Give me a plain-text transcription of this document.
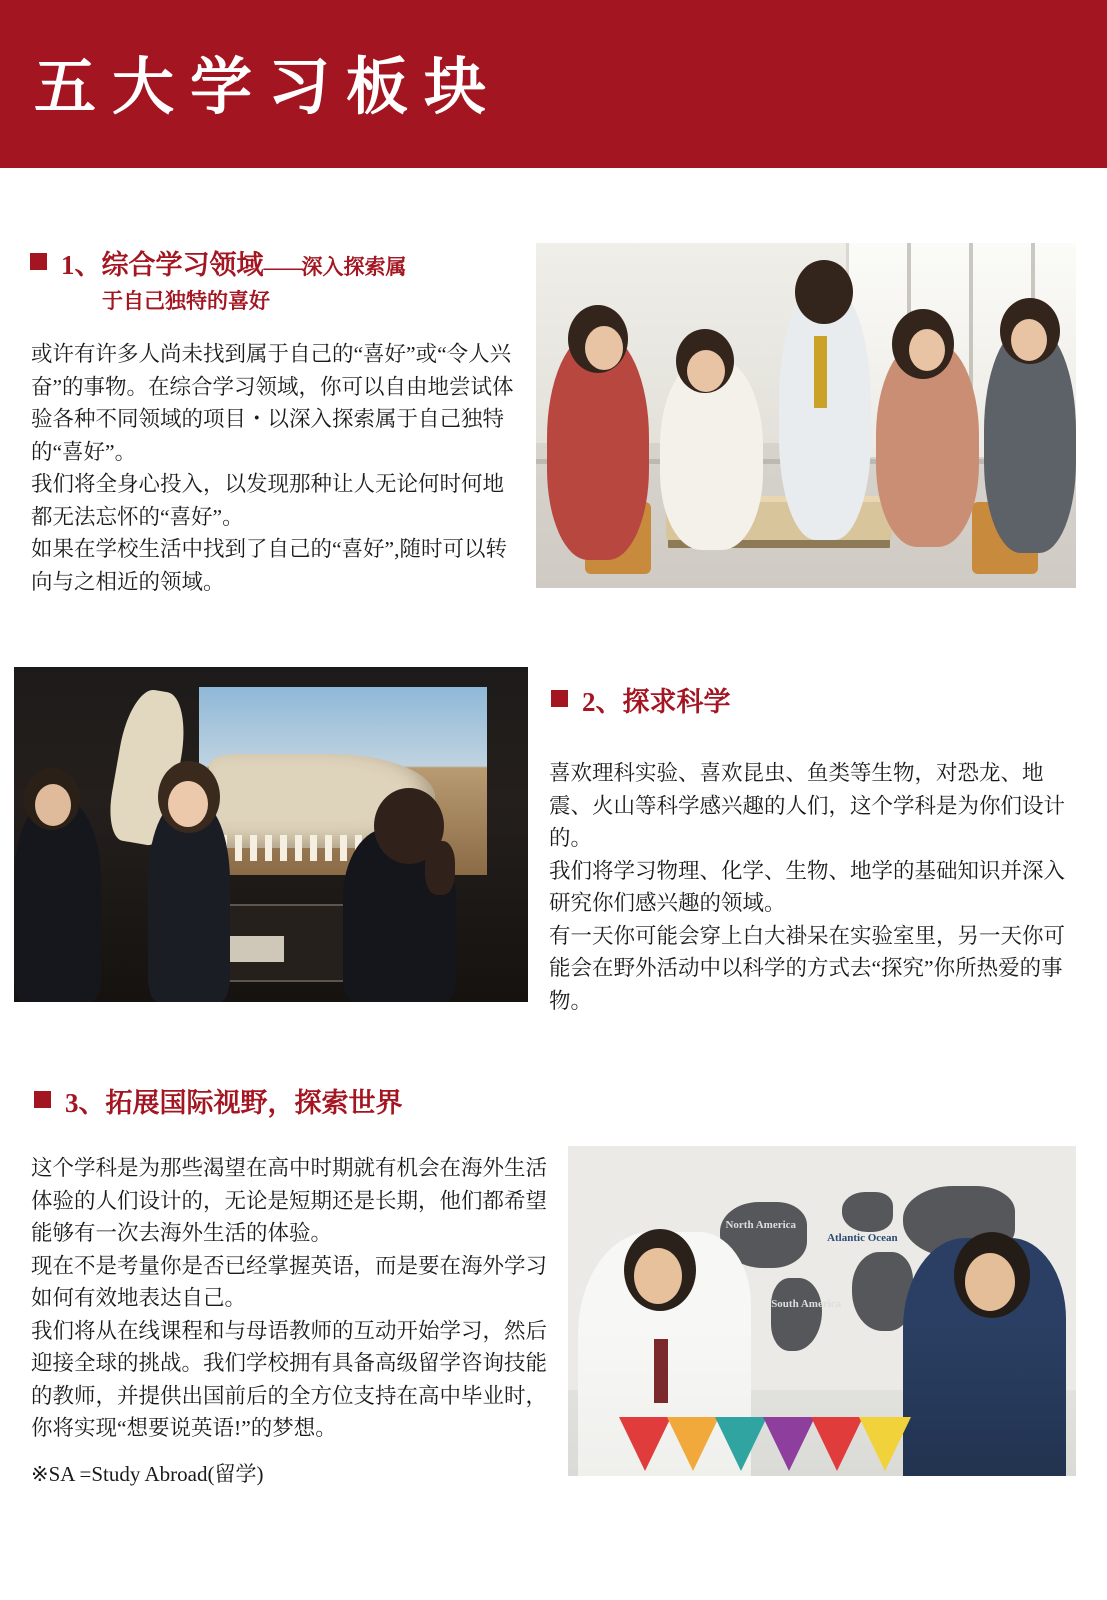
五大学习板块
1、综合学习领域——深入探索属
于自己独特的喜好

或许有许多人尚未找到属于自己的“喜好”或“令人兴奋”的事物。在综合学习领域，你可以自由地尝试体验各种不同领域的项目・以深入探索属于自己独特的“喜好”。

我们将全身心投入，以发现那种让人无论何时何地都无法忘怀的“喜好”。

如果在学校生活中找到了自己的“喜好”,随时可以转向与之相近的领域。

2、探求科学

喜欢理科实验、喜欢昆虫、鱼类等生物，对恐龙、地震、火山等科学感兴趣的人们，这个学科是为你们设计的。

我们将学习物理、化学、生物、地学的基础知识并深入研究你们感兴趣的领域。

有一天你可能会穿上白大褂呆在实验室里，另一天你可能会在野外活动中以科学的方式去“探究”你所热爱的事物。

3、拓展国际视野，探索世界

这个学科是为那些渴望在高中时期就有机会在海外生活体验的人们设计的，无论是短期还是长期，他们都希望能够有一次去海外生活的体验。

现在不是考量你是否已经掌握英语，而是要在海外学习如何有效地表达自己。

我们将从在线课程和与母语教师的互动开始学习，然后迎接全球的挑战。我们学校拥有具备高级留学咨询技能的教师，并提供出国前后的全方位支持在高中毕业时，你将实现“想要说英语!”的梦想。

※SA =Study Abroad(留学)
North America
South America
Atlantic Ocean
